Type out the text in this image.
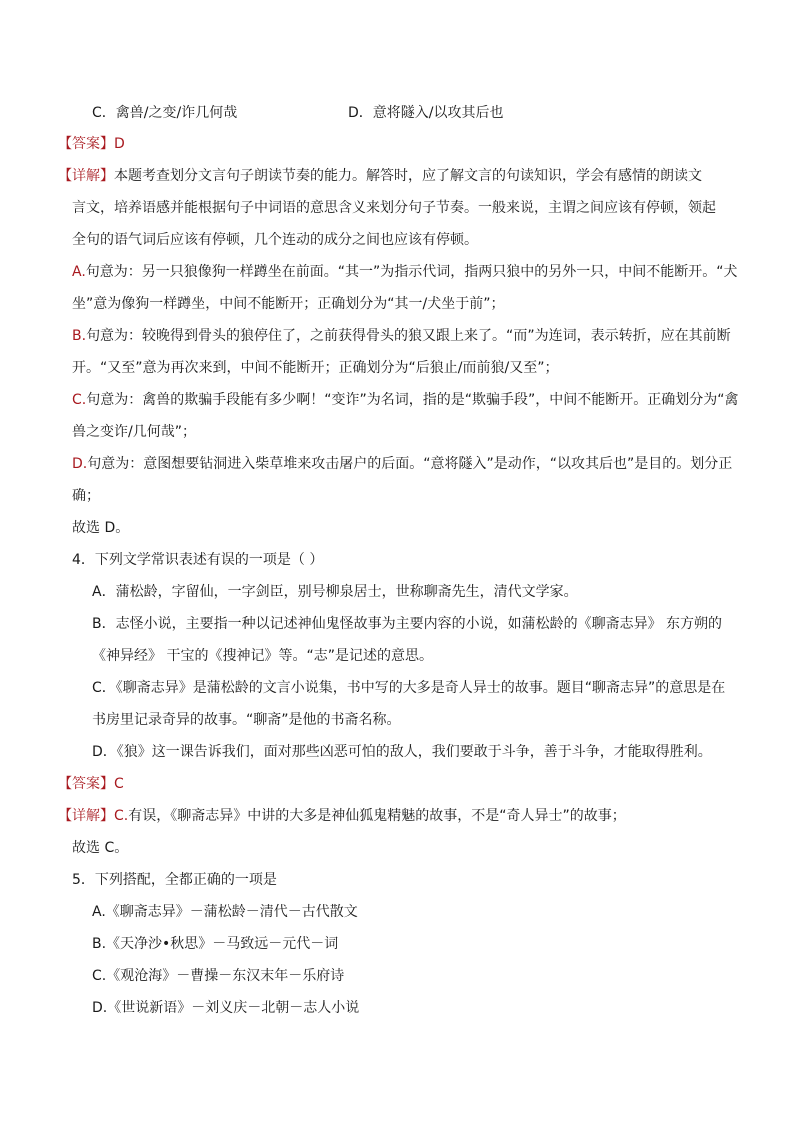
C．禽兽/之变/诈几何哉	D．意将隧入/以攻其后也
【答案】D
【详解】本题考查划分文言句子朗读节奏的能力。解答时，应了解文言的句读知识，学会有感情的朗读文
言文，培养语感并能根据句子中词语的意思含义来划分句子节奏。一般来说，主谓之间应该有停顿，领起
全句的语气词后应该有停顿，几个连动的成分之间也应该有停顿。
A.句意为：另一只狼像狗一样蹲坐在前面。“其一”为指示代词，指两只狼中的另外一只，中间不能断开。“犬
坐”意为像狗一样蹲坐，中间不能断开；正确划分为“其一/犬坐于前”；
B.句意为：较晚得到骨头的狼停住了，之前获得骨头的狼又跟上来了。“而”为连词，表示转折，应在其前断
开。“又至”意为再次来到，中间不能断开；正确划分为“后狼止/而前狼/又至”；
C.句意为：禽兽的欺骗手段能有多少啊！“变诈”为名词，指的是“欺骗手段”，中间不能断开。正确划分为“禽
兽之变诈/几何哉”；
D.句意为：意图想要钻洞进入柴草堆来攻击屠户的后面。“意将隧入”是动作，“以攻其后也”是目的。划分正
确；
故选 D。
4．下列文学常识表述有误的一项是（ ）
A．蒲松龄，字留仙，一字剑臣，别号柳泉居士，世称聊斋先生，清代文学家。
B．志怪小说，主要指一种以记述神仙鬼怪故事为主要内容的小说，如蒲松龄的《聊斋志异》 东方朔的
《神异经》 干宝的《搜神记》等。“志”是记述的意思。
C．《聊斋志异》是蒲松龄的文言小说集，书中写的大多是奇人异士的故事。题目“聊斋志异”的意思是在
书房里记录奇异的故事。“聊斋”是他的书斋名称。
D．《狼》这一课告诉我们，面对那些凶恶可怕的敌人，我们要敢于斗争，善于斗争，才能取得胜利。
【答案】C
【详解】C.有误，《聊斋志异》中讲的大多是神仙狐鬼精魅的故事，不是“奇人异士”的故事；
故选 C。
5．下列搭配，全都正确的一项是
A.《聊斋志异》－蒲松龄－清代－古代散文
B.《天净沙•秋思》－马致远－元代－词
C.《观沧海》－曹操－东汉末年－乐府诗
D.《世说新语》－刘义庆－北朝－志人小说
